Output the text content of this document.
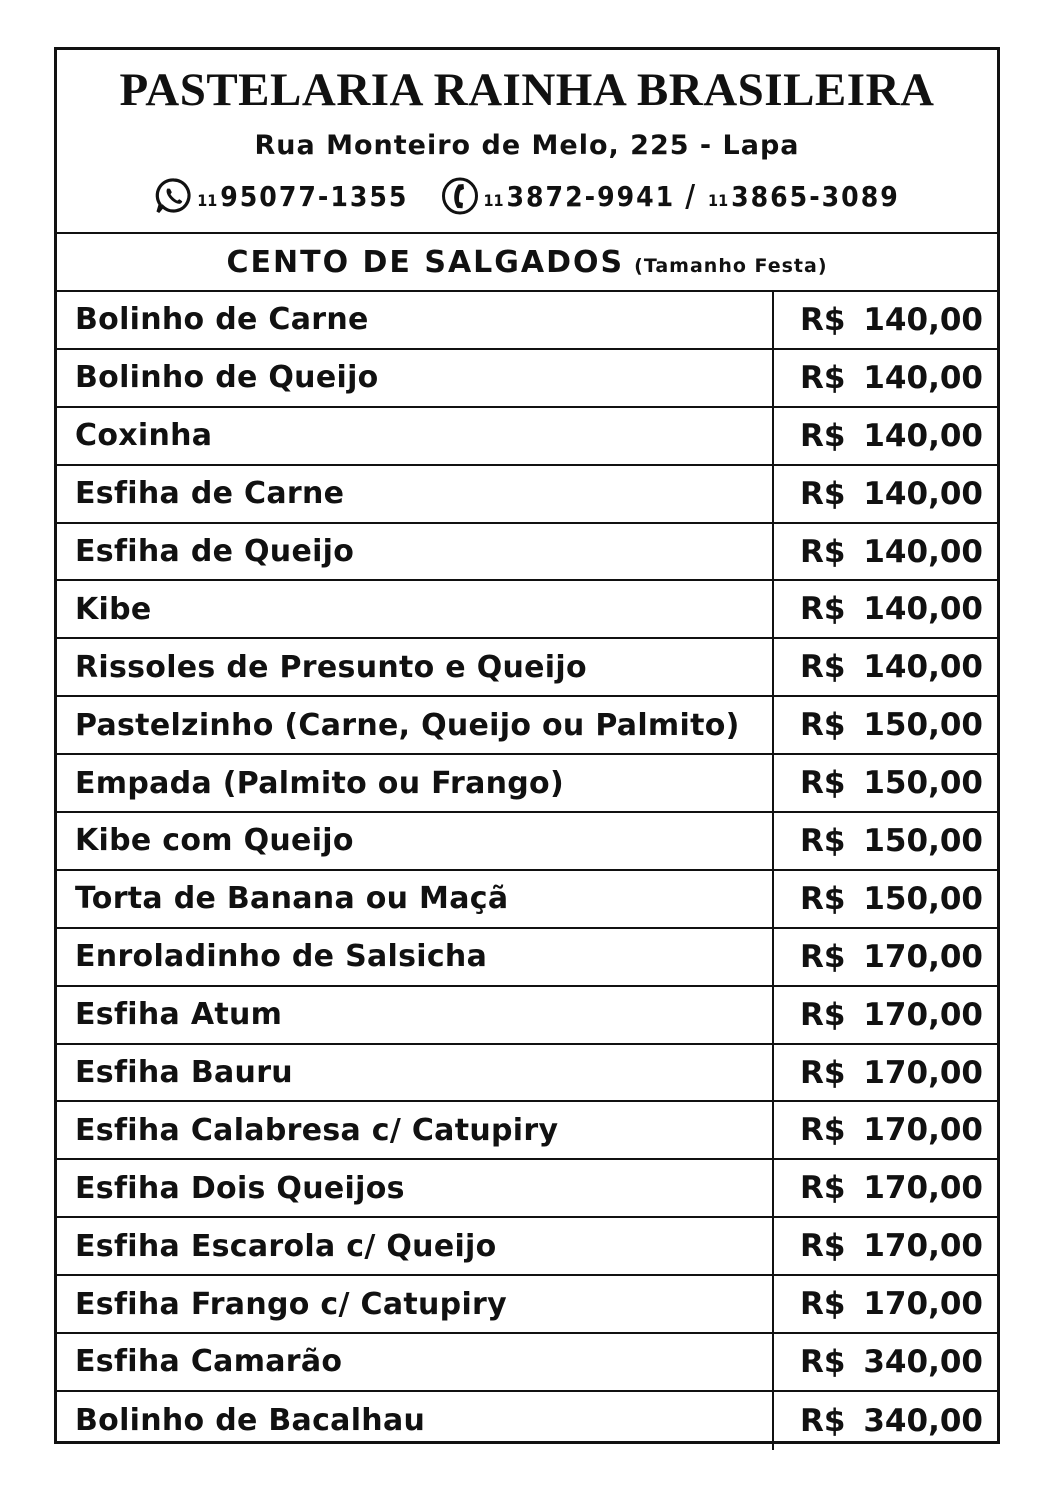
PASTELARIA RAINHA BRASILEIRA
Rua Monteiro de Melo, 225 - Lapa
11 95077-1355	11 3872-9941 / 11 3865-3089
CENTO DE SALGADOS (Tamanho Festa)
Bolinho de Carne	R$ 140,00
Bolinho de Queijo	R$ 140,00
Coxinha	R$ 140,00
Esfiha de Carne	R$ 140,00
Esfiha de Queijo	R$ 140,00
Kibe	R$ 140,00
Rissoles de Presunto e Queijo	R$ 140,00
Pastelzinho (Carne, Queijo ou Palmito)	R$ 150,00
Empada (Palmito ou Frango)	R$ 150,00
Kibe com Queijo	R$ 150,00
Torta de Banana ou Maçã	R$ 150,00
Enroladinho de Salsicha	R$ 170,00
Esfiha Atum	R$ 170,00
Esfiha Bauru	R$ 170,00
Esfiha Calabresa c/ Catupiry	R$ 170,00
Esfiha Dois Queijos	R$ 170,00
Esfiha Escarola c/ Queijo	R$ 170,00
Esfiha Frango c/ Catupiry	R$ 170,00
Esfiha Camarão	R$ 340,00
Bolinho de Bacalhau	R$ 340,00
